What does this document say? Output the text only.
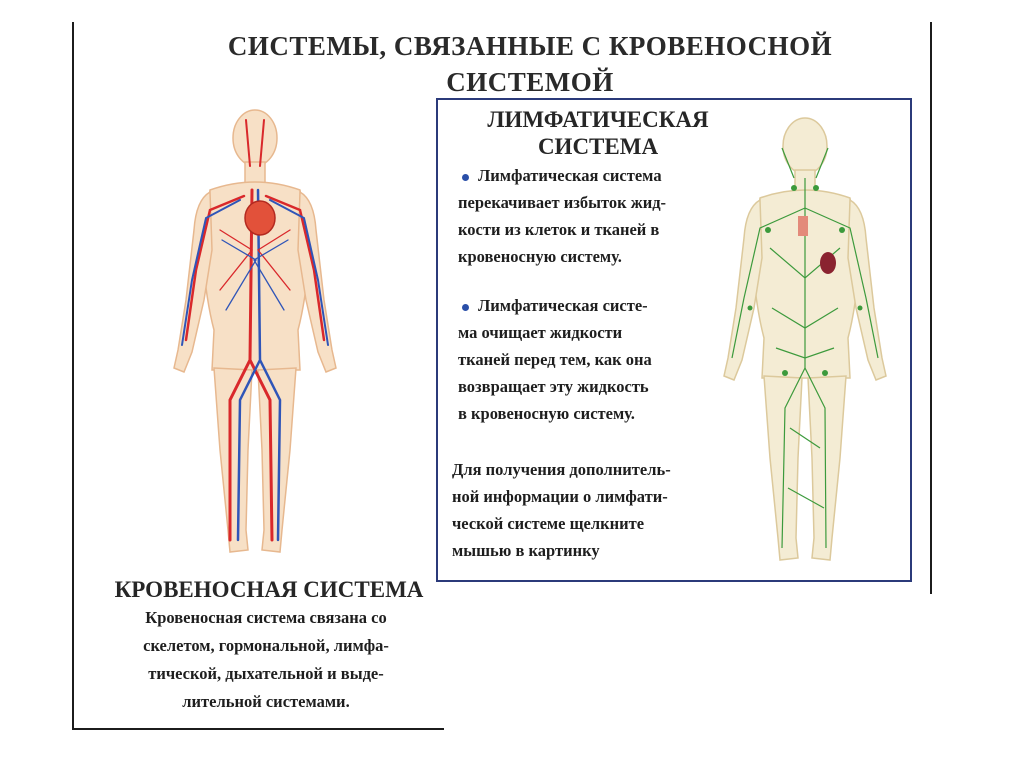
СИСТЕМЫ, СВЯЗАННЫЕ С КРОВЕНОСНОЙ
СИСТЕМОЙ
КРОВЕНОСНАЯ СИСТЕМА
Кровеносная система связана со
скелетом, гормональной, лимфа-
тической, дыхательной и выде-
лительной системами.
ЛИМФАТИЧЕСКАЯ
СИСТЕМА
Лимфатическая система
перекачивает избыток жид-
кости из клеток и тканей в
кровеносную систему.
Лимфатическая систе-
ма очищает жидкости
тканей перед тем, как она
возвращает эту жидкость
в кровеносную систему.
Для получения дополнитель-
ной информации о лимфати-
ческой системе щелкните
мышью в картинку
